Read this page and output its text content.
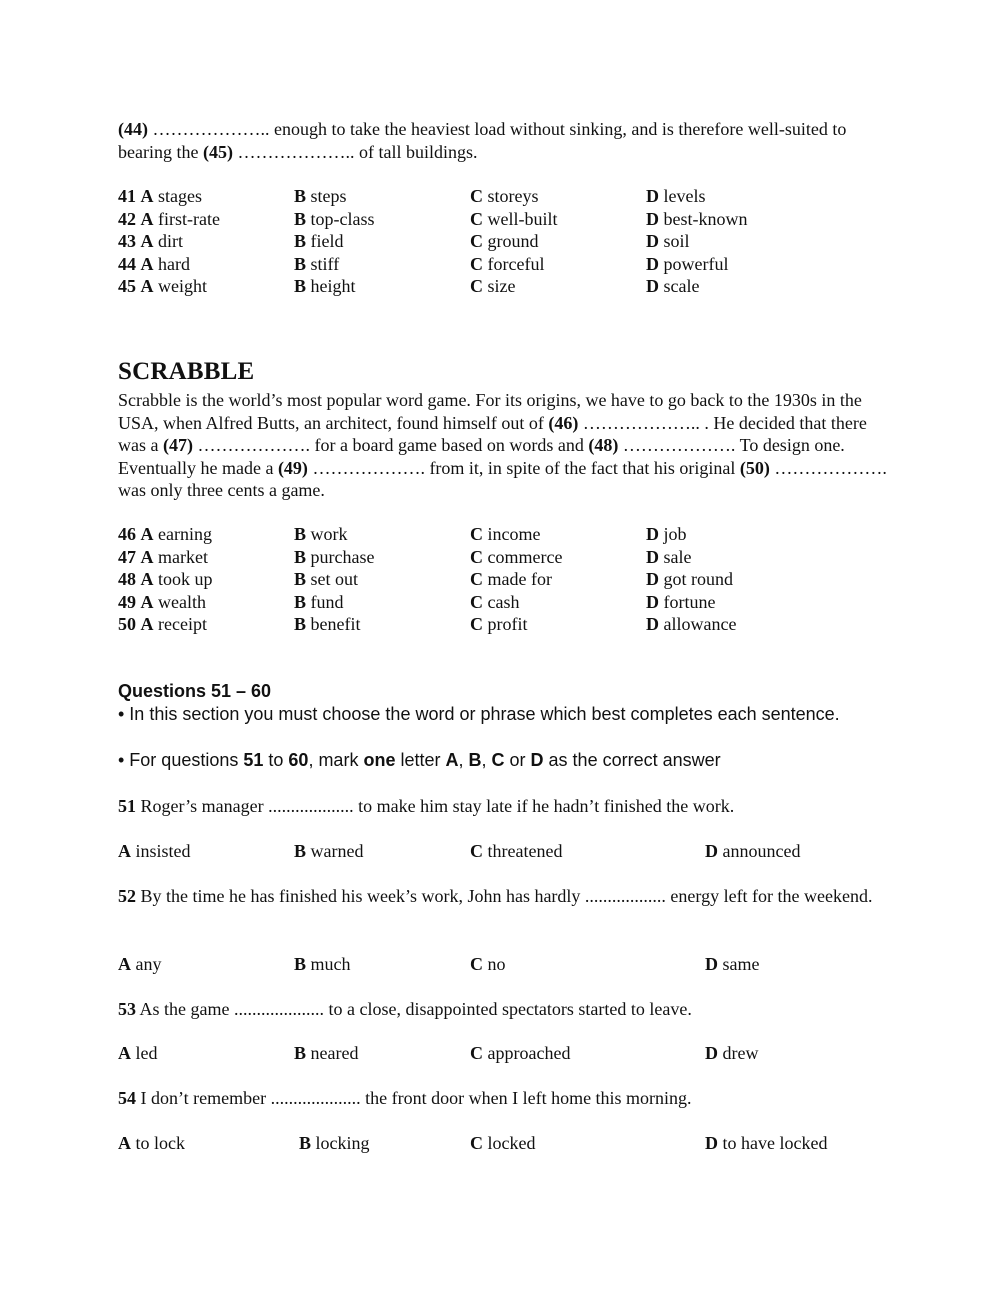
(44) ……………….. enough to take the heaviest load without sinking, and is therefore well-suited to bearing the (45) ……………….. of tall buildings.

41 A stages	B steps	C storeys	D levels
42 A first-rate	B top-class	C well-built	D best-known
43 A dirt	B field	C ground	D soil
44 A hard	B stiff	C forceful	D powerful
45 A weight	B height	C size	D scale
SCRABBLE

Scrabble is the world’s most popular word game. For its origins, we have to go back to the 1930s in the USA, when Alfred Butts, an architect, found himself out of (46) ……………….. . He decided that there was a (47) ………………. for a board game based on words and (48) ………………. To design one. Eventually he made a (49) ………………. from it, in spite of the fact that his original (50) ………………. was only three cents a game.

46 A earning	B work	C income	D job
47 A market	B purchase	C commerce	D sale
48 A took up	B set out	C made for	D got round
49 A wealth	B fund	C cash	D fortune
50 A receipt	B benefit	C profit	D allowance
Questions 51 – 60

• In this section you must choose the word or phrase which best completes each sentence.

• For questions 51 to 60, mark one letter A, B, C or D as the correct answer

51 Roger’s manager ................... to make him stay late if he hadn’t finished the work.

A insisted	B warned	C threatened	D announced

52 By the time he has finished his week’s work, John has hardly .................. energy left for the weekend.

A any	B much	C no	D same

53 As the game .................... to a close, disappointed spectators started to leave.

A led	B neared	C approached	D drew

54 I don’t remember .................... the front door when I left home this morning.

A to lock	B locking	C locked	D to have locked
